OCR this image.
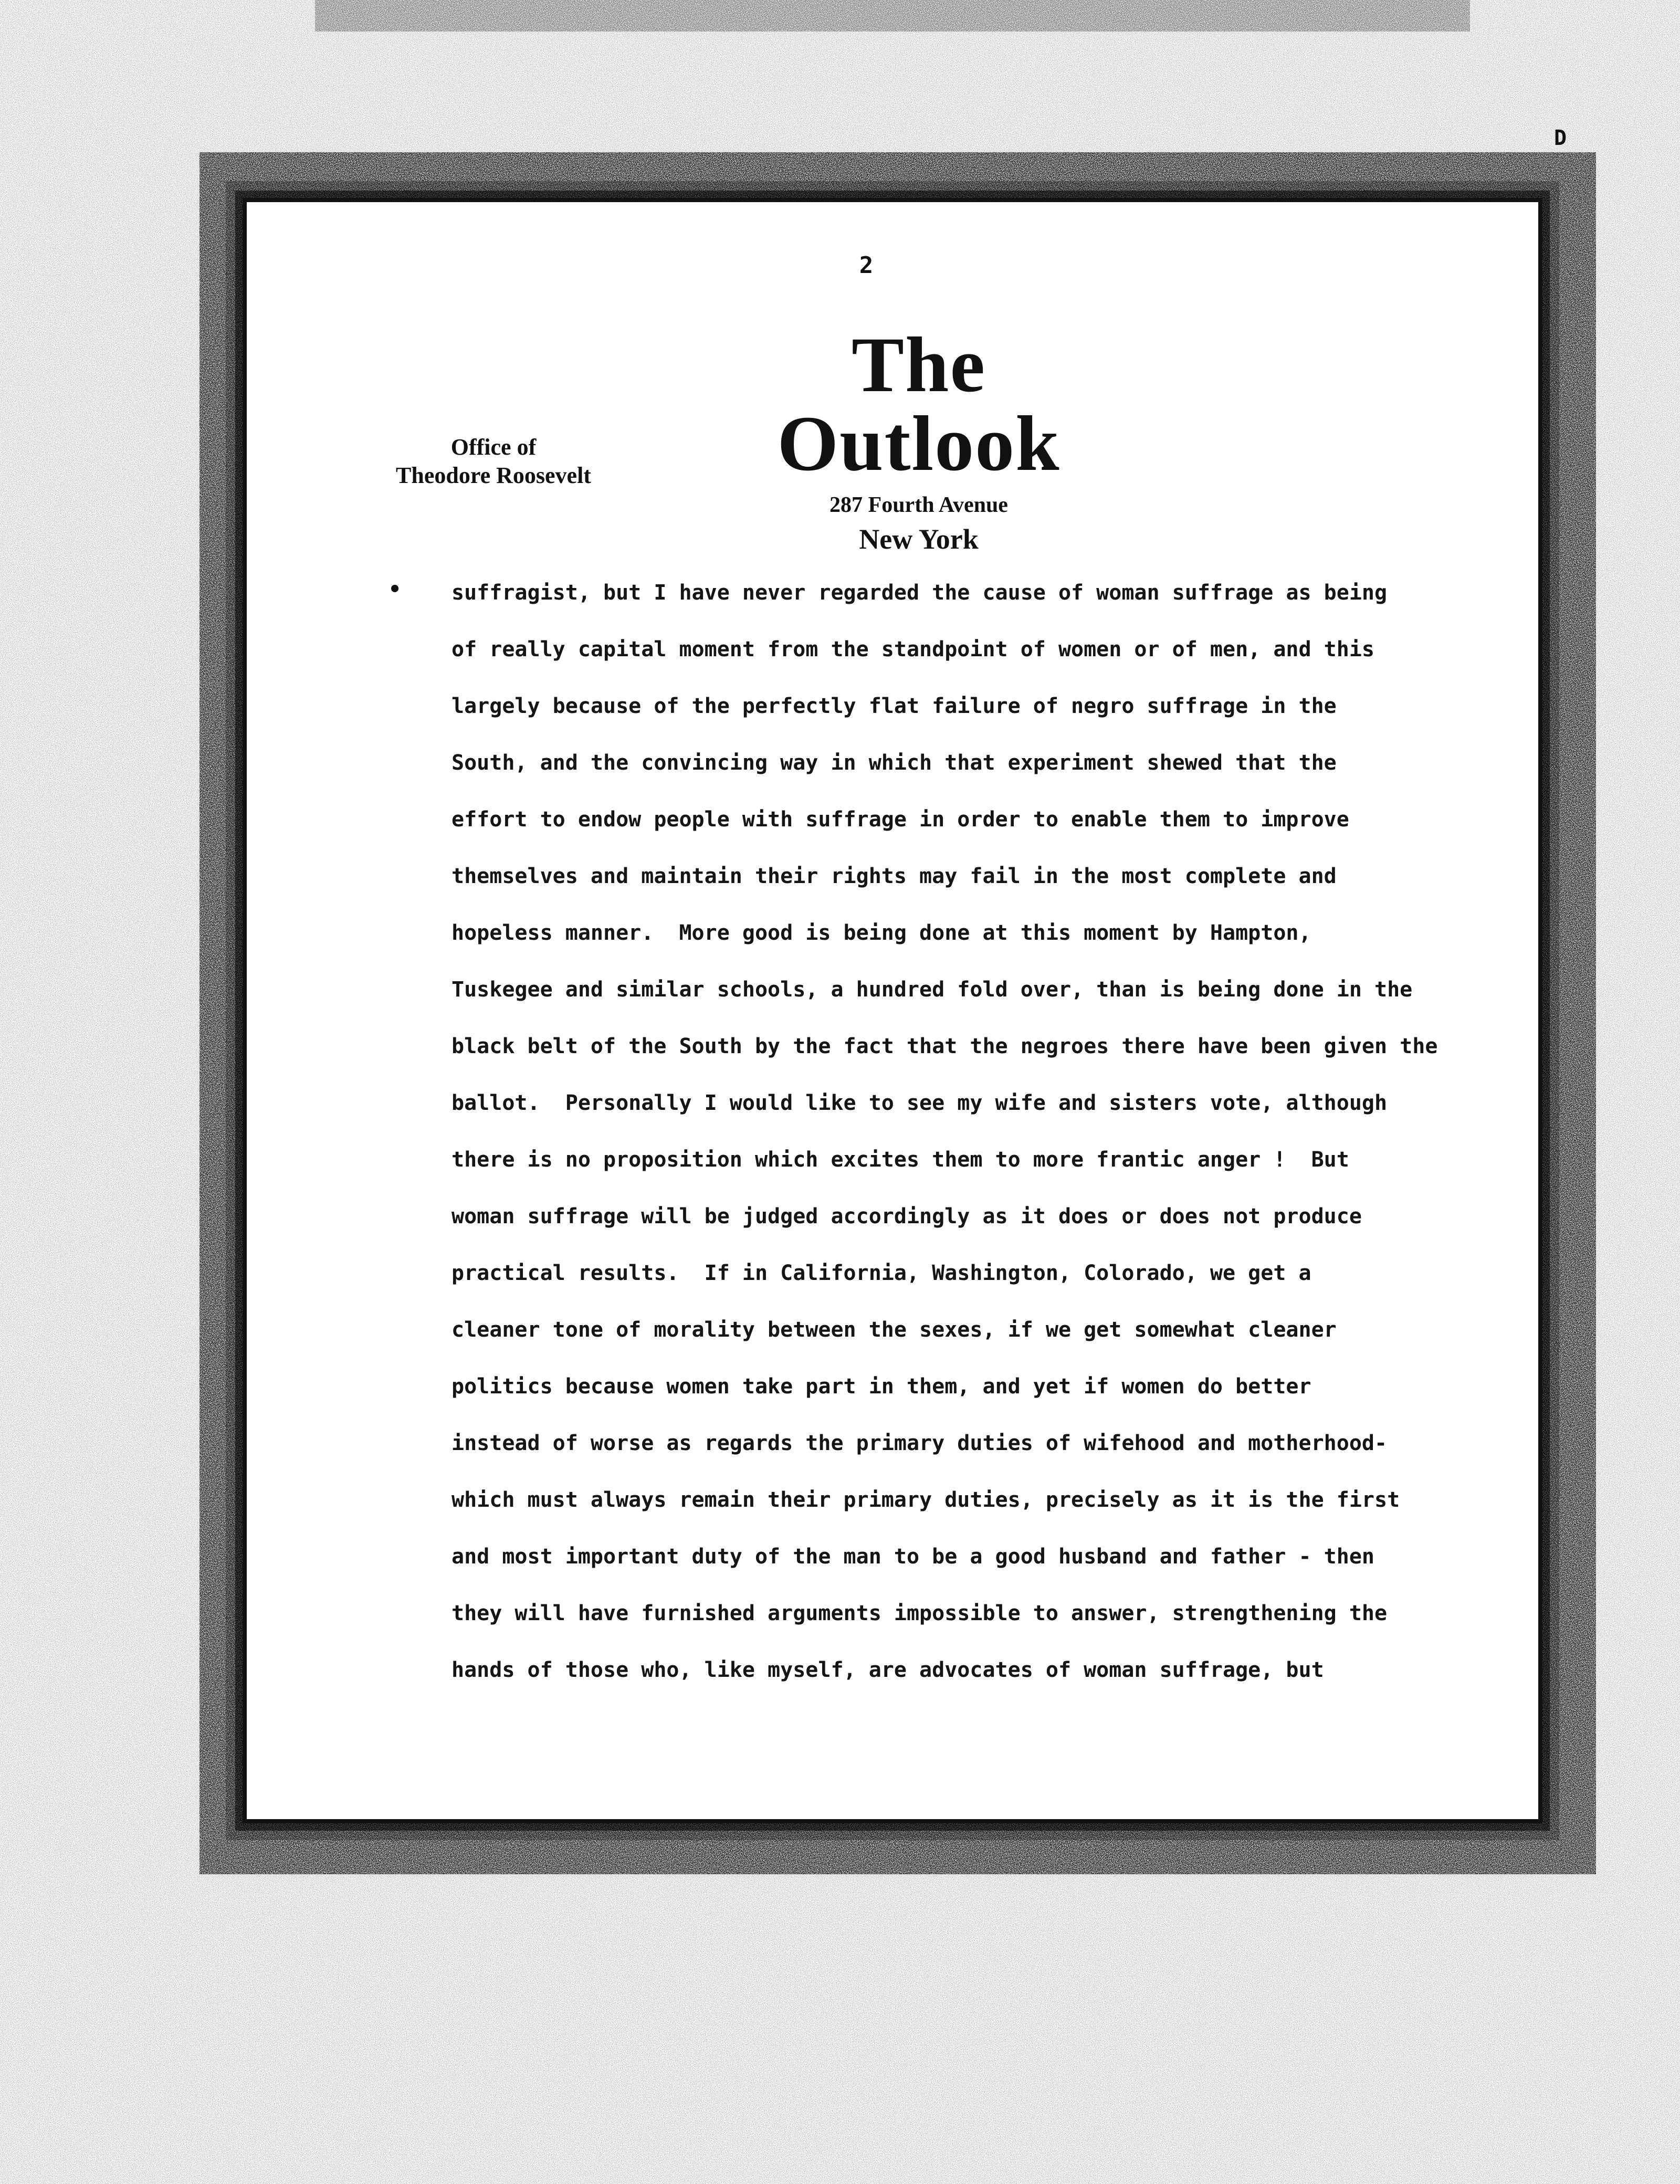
D
2
The Outlook
287 Fourth Avenue
New York
Office of
Theodore Roosevelt
• suffragist, but I have never regarded the cause of woman suffrage as being
of really capital moment from the standpoint of women or of men, and this
largely because of the perfectly flat failure of negro suffrage in the
South, and the convincing way in which that experiment shewed that the
effort to endow people with suffrage in order to enable them to improve
themselves and maintain their rights may fail in the most complete and
hopeless manner.  More good is being done at this moment by Hampton,
Tuskegee and similar schools, a hundred fold over, than is being done in the
black belt of the South by the fact that the negroes there have been given the
ballot.  Personally I would like to see my wife and sisters vote, although
there is no proposition which excites them to more frantic anger !  But
woman suffrage will be judged accordingly as it does or does not produce
practical results.  If in California, Washington, Colorado, we get a
cleaner tone of morality between the sexes, if we get somewhat cleaner
politics because women take part in them, and yet if women do better
instead of worse as regards the primary duties of wifehood and motherhood-
which must always remain their primary duties, precisely as it is the first
and most important duty of the man to be a good husband and father - then
they will have furnished arguments impossible to answer, strengthening the
hands of those who, like myself, are advocates of woman suffrage, but
